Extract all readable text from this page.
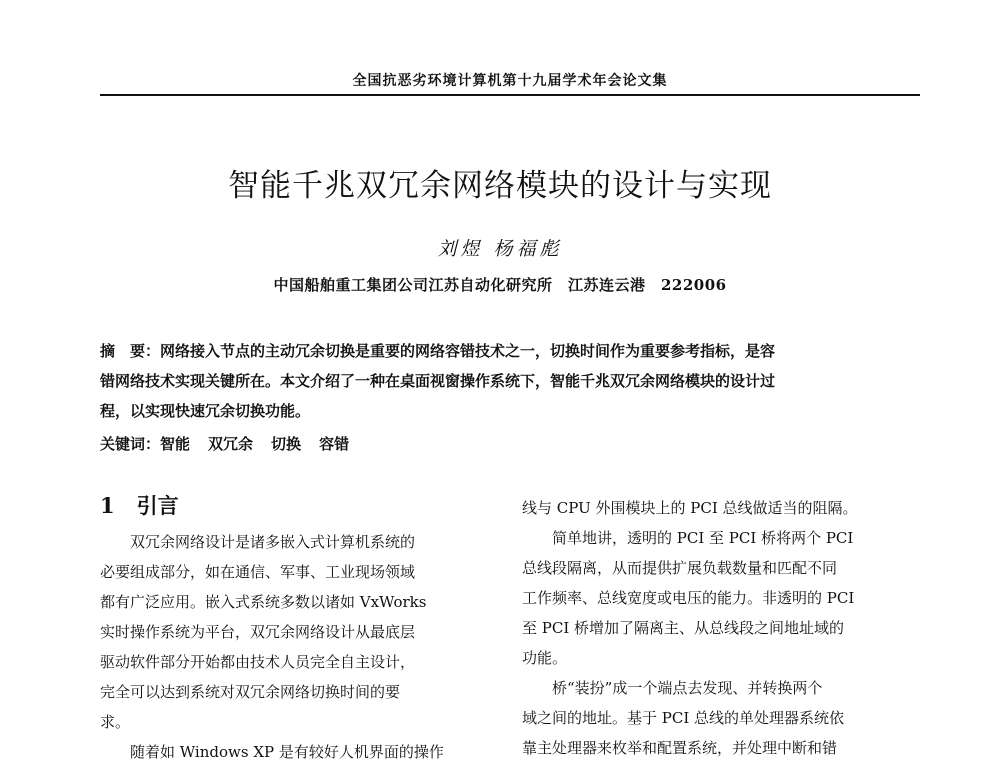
全国抗恶劣环境计算机第十九届学术年会论文集
智能千兆双冗余网络模块的设计与实现
刘煜 杨福彪
中国船舶重工集团公司江苏自动化研究所　江苏连云港　222006
摘　要：网络接入节点的主动冗余切换是重要的网络容错技术之一，切换时间作为重要参考指标，是容
错网络技术实现关键所在。本文介绍了一种在桌面视窗操作系统下，智能千兆双冗余网络模块的设计过
程，以实现快速冗余切换功能。
关键词：智能 双冗余 切换 容错
1 引言
双冗余网络设计是诸多嵌入式计算机系统的
必要组成部分，如在通信、军事、工业现场领域
都有广泛应用。嵌入式系统多数以诸如 VxWorks
实时操作系统为平台，双冗余网络设计从最底层
驱动软件部分开始都由技术人员完全自主设计，
完全可以达到系统对双冗余网络切换时间的要
求。
随着如 Windows XP 是有较好人机界面的操作
线与 CPU 外围模块上的 PCI 总线做适当的阻隔。
简单地讲，透明的 PCI 至 PCI 桥将两个 PCI
总线段隔离，从而提供扩展负载数量和匹配不同
工作频率、总线宽度或电压的能力。非透明的 PCI
至 PCI 桥增加了隔离主、从总线段之间地址域的
功能。
桥“装扮”成一个端点去发现、并转换两个
域之间的地址。基于 PCI 总线的单处理器系统依
靠主处理器来枚举和配置系统，并处理中断和错
